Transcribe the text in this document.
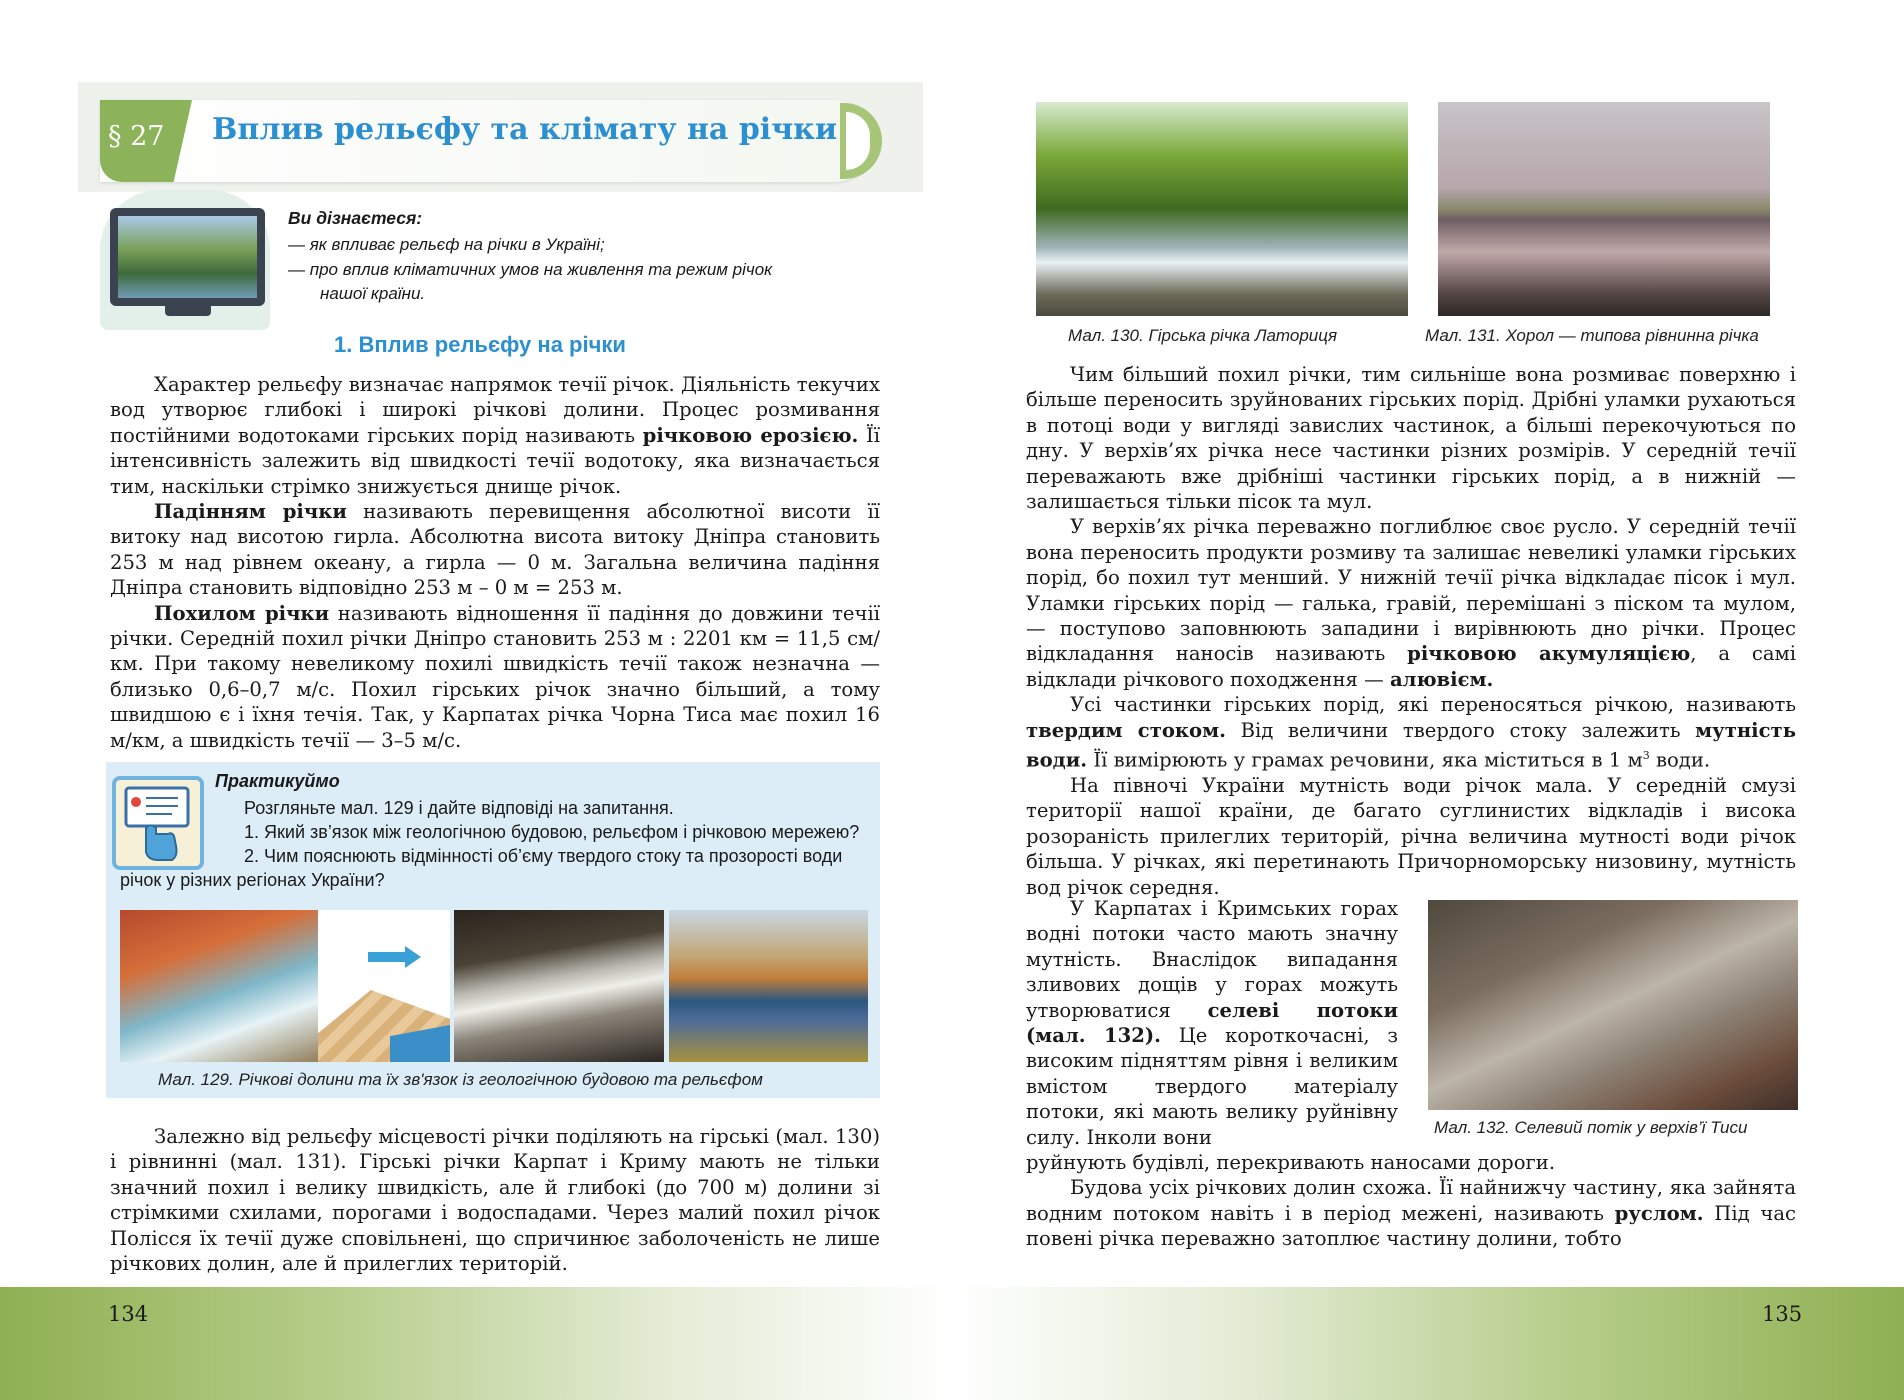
§ 27 Вплив рельєфу та клімату на річки
Ви дізнаєтеся:
— як впливає рельєф на річки в Україні;
— про вплив кліматичних умов на живлення та режим річок
нашої країни.
1. Вплив рельєфу на річки

Характер рельєфу визначає напрямок течії річок. Діяльність текучих вод утворює глибокі і широкі річкові долини. Процес розмивання постійними водотоками гірських порід називають річковою ерозією. Її інтенсивність залежить від швидкості течії водотоку, яка визначається тим, наскільки стрімко знижується днище річок.

Падінням річки називають перевищення абсолютної висоти її витоку над висотою гирла. Абсолютна висота витоку Дніпра становить 253 м над рівнем океану, а гирла — 0 м. Загальна величина падіння Дніпра становить відповідно 253 м – 0 м = 253 м.

Похилом річки називають відношення її падіння до довжини течії річки. Середній похил річки Дніпро становить 253 м : 2201 км = 11,5 см/км. При такому невеликому похилі швидкість течії також незначна — близько 0,6–0,7 м/с. Похил гірських річок значно більший, а тому швидшою є і їхня течія. Так, у Карпатах річка Чорна Тиса має похил 16 м/км, а швидкість течії — 3–5 м/с.

Практикуймо
Розгляньте мал. 129 і дайте відповіді на запитання.
1. Який зв’язок між геологічною будовою, рельєфом і річковою мережею?
2. Чим пояснюють відмінності об’єму твердого стоку та прозорості води
річок у різних регіонах України?
Мал. 129. Річкові долини та їх зв'язок із геологічною будовою та рельєфом

Залежно від рельєфу місцевості річки поділяють на гірські (мал. 130) і рівнинні (мал. 131). Гірські річки Карпат і Криму мають не тільки значний похил і велику швидкість, але й глибокі (до 700 м) долини зі стрімкими схилами, порогами і водоспадами. Через малий похил річок Полісся їх течії дуже сповільнені, що спричинює заболоченість не лише річкових долин, але й прилеглих територій.

Мал. 130. Гірська річка Латориця	Мал. 131. Хорол — типова рівнинна річка

Чим більший похил річки, тим сильніше вона розмиває поверхню і більше переносить зруйнованих гірських порід. Дрібні уламки рухаються в потоці води у вигляді завислих частинок, а більші перекочуються по дну. У верхів’ях річка несе частинки різних розмірів. У середній течії переважають вже дрібніші частинки гірських порід, а в нижній — залишається тільки пісок та мул.

У верхів’ях річка переважно поглиблює своє русло. У середній течії вона переносить продукти розмиву та залишає невеликі уламки гірських порід, бо похил тут менший. У нижній течії річка відкладає пісок і мул. Уламки гірських порід — галька, гравій, перемішані з піском та мулом, — поступово заповнюють западини і вирівнюють дно річки. Процес відкладання наносів називають річковою акумуляцією, а самі відклади річкового походження — алювієм.

Усі частинки гірських порід, які переносяться річкою, називають твердим стоком. Від величини твердого стоку залежить мутність води. Її вимірюють у грамах речовини, яка міститься в 1 $м^3$ води.

На півночі України мутність води річок мала. У середній смузі території нашої країни, де багато суглинистих відкладів і висока розораність прилеглих територій, річна величина мутності води річок більша. У річках, які перетинають Причорноморську низовину, мутність вод річок середня.

У Карпатах і Кримських горах водні потоки часто мають значну мутність. Внаслідок випадання зливових дощів у горах можуть утворюватися селеві потоки (мал. 132). Це короткочасні, з високим підняттям рівня і великим вмістом твердого матеріалу потоки, які мають велику руйнівну силу. Інколи вони	Мал. 132. Селевий потік у верхів’ї Тиси

руйнують будівлі, перекривають наносами дороги.

Будова усіх річкових долин схожа. Її найнижчу частину, яка зайнята водним потоком навіть і в період межені, називають руслом. Під час повені річка переважно затоплює частину долини, тобто

134	135
